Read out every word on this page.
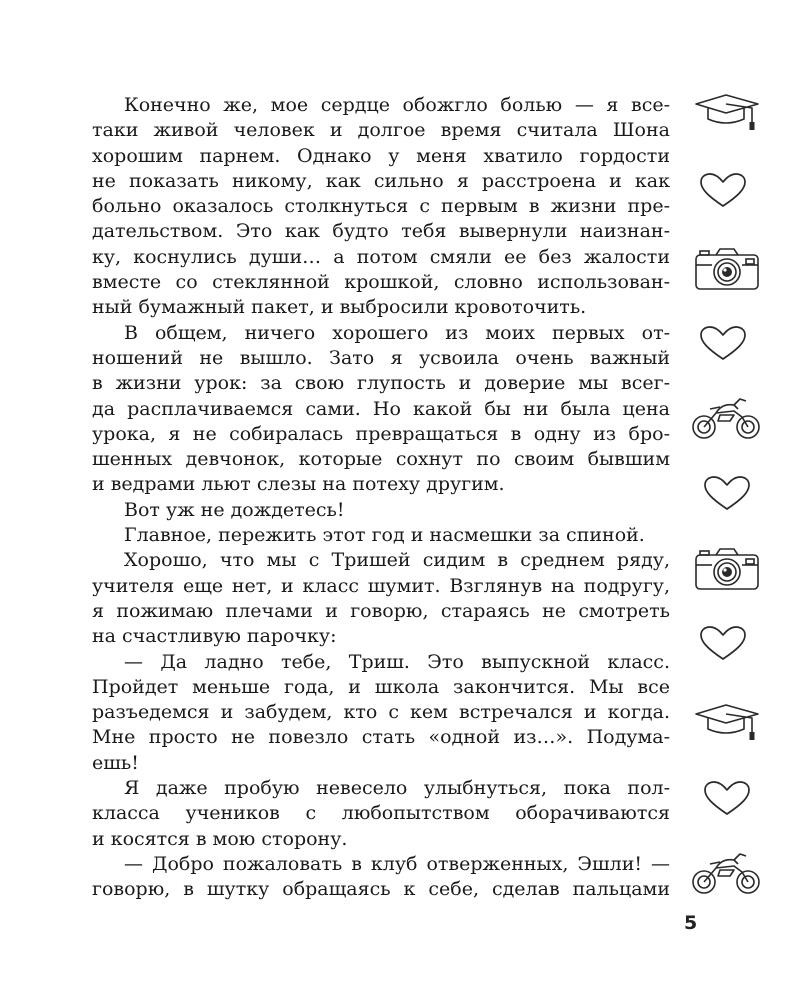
Конечно же, мое сердце обожгло болью — я все-
таки живой человек и долгое время считала Шона
хорошим парнем. Однако у меня хватило гордости
не показать никому, как сильно я расстроена и как
больно оказалось столкнуться с первым в жизни пре-
дательством. Это как будто тебя вывернули наизнан-
ку, коснулись души… а потом смяли ее без жалости
вместе со стеклянной крошкой, словно использован-
ный бумажный пакет, и выбросили кровоточить.
В общем, ничего хорошего из моих первых от-
ношений не вышло. Зато я усвоила очень важный
в жизни урок: за свою глупость и доверие мы всег-
да расплачиваемся сами. Но какой бы ни была цена
урока, я не собиралась превращаться в одну из бро-
шенных девчонок, которые сохнут по своим бывшим
и ведрами льют слезы на потеху другим.
Вот уж не дождетесь!
Главное, пережить этот год и насмешки за спиной.
Хорошо, что мы с Тришей сидим в среднем ряду,
учителя еще нет, и класс шумит. Взглянув на подругу,
я пожимаю плечами и говорю, стараясь не смотреть
на счастливую парочку:
— Да ладно тебе, Триш. Это выпускной класс.
Пройдет меньше года, и школа закончится. Мы все
разъедемся и забудем, кто с кем встречался и когда.
Мне просто не повезло стать «одной из…». Подума-
ешь!
Я даже пробую невесело улыбнуться, пока пол-
класса учеников с любопытством оборачиваются
и косятся в мою сторону.
— Добро пожаловать в клуб отверженных, Эшли! —
говорю, в шутку обращаясь к себе, сделав пальцами
5
